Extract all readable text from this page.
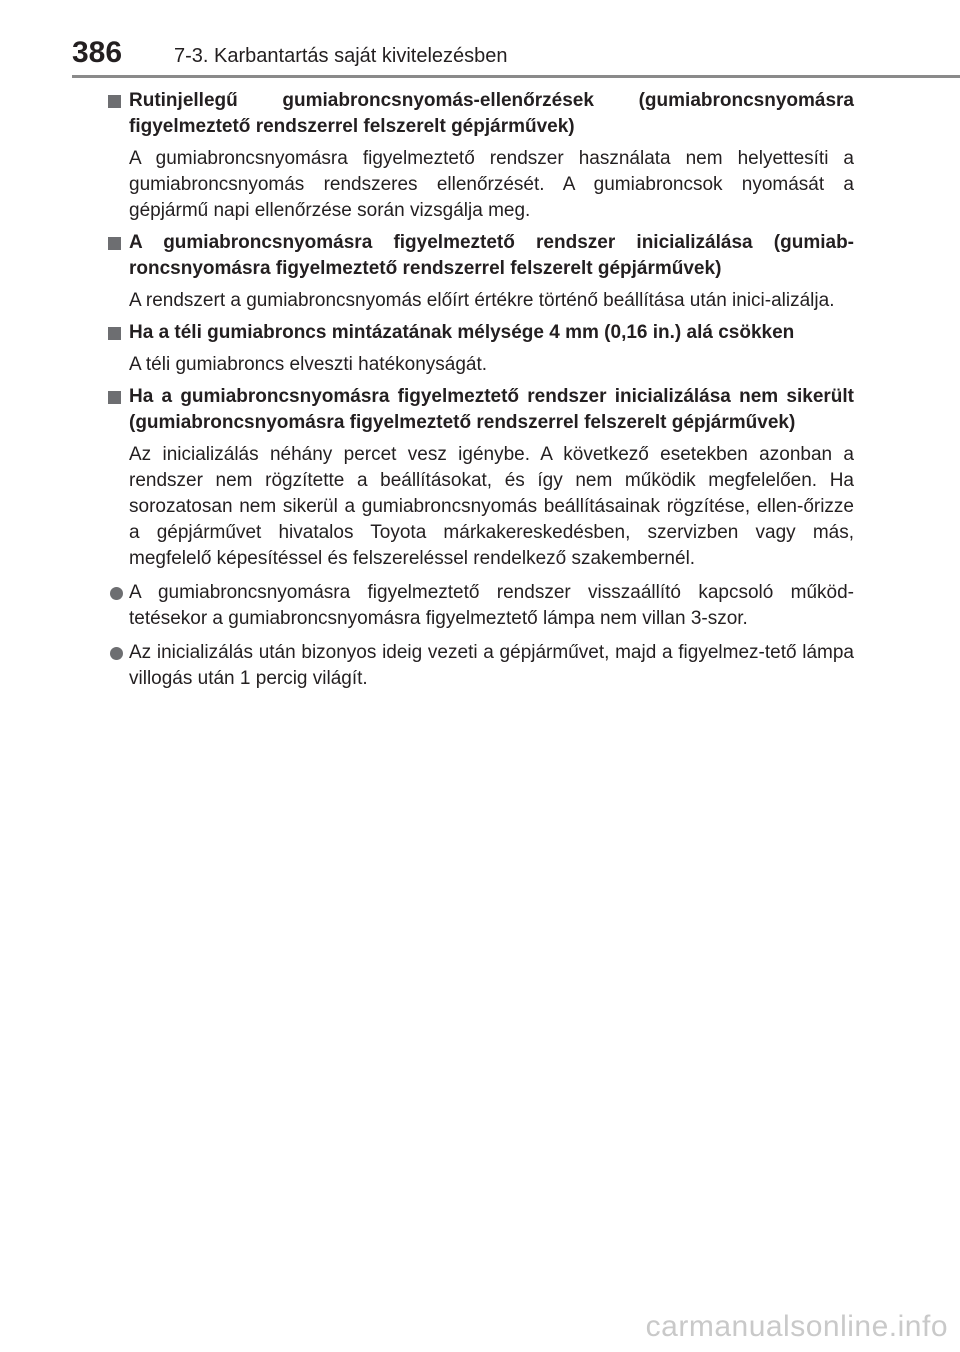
386	7-3. Karbantartás saját kivitelezésben
Rutinjellegű gumiabroncsnyomás-ellenőrzések (gumiabroncsnyomásra figyelmeztető rendszerrel felszerelt gépjárművek)
A gumiabroncsnyomásra figyelmeztető rendszer használata nem helyettesíti a gumiabroncsnyomás rendszeres ellenőrzését. A gumiabroncsok nyomását a gépjármű napi ellenőrzése során vizsgálja meg.
A gumiabroncsnyomásra figyelmeztető rendszer inicializálása (gumiab-roncsnyomásra figyelmeztető rendszerrel felszerelt gépjárművek)
A rendszert a gumiabroncsnyomás előírt értékre történő beállítása után inici-alizálja.
Ha a téli gumiabroncs mintázatának mélysége 4 mm (0,16 in.) alá csökken
A téli gumiabroncs elveszti hatékonyságát.
Ha a gumiabroncsnyomásra figyelmeztető rendszer inicializálása nem sikerült (gumiabroncsnyomásra figyelmeztető rendszerrel felszerelt gépjárművek)
Az inicializálás néhány percet vesz igénybe. A következő esetekben azonban a rendszer nem rögzítette a beállításokat, és így nem működik megfelelően. Ha sorozatosan nem sikerül a gumiabroncsnyomás beállításainak rögzítése, ellen-őrizze a gépjárművet hivatalos Toyota márkakereskedésben, szervizben vagy más, megfelelő képesítéssel és felszereléssel rendelkező szakembernél.
A gumiabroncsnyomásra figyelmeztető rendszer visszaállító kapcsoló működ-tetésekor a gumiabroncsnyomásra figyelmeztető lámpa nem villan 3-szor.
Az inicializálás után bizonyos ideig vezeti a gépjárművet, majd a figyelmez-tető lámpa villogás után 1 percig világít.
carmanualsonline.info
